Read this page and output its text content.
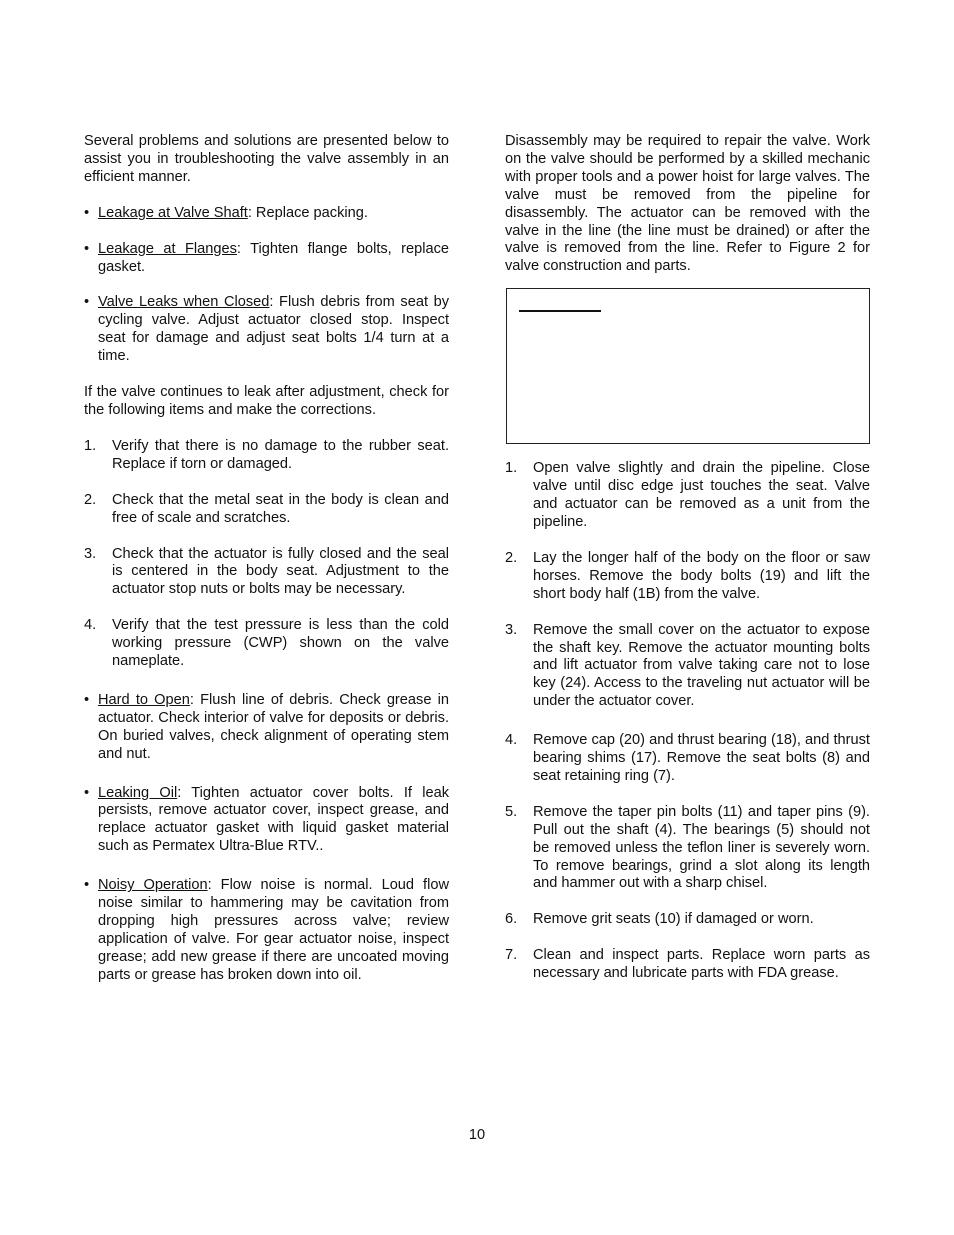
Several problems and solutions are presented below to assist you in troubleshooting the valve assembly in an efficient manner.

• Leakage at Valve Shaft: Replace packing.
• Leakage at Flanges: Tighten flange bolts, replace gasket.
• Valve Leaks when Closed: Flush debris from seat by cycling valve. Adjust actuator closed stop. Inspect seat for damage and adjust seat bolts 1/4 turn at a time.

If the valve continues to leak after adjustment, check for the following items and make the corrections.

1. Verify that there is no damage to the rubber seat. Replace if torn or damaged.
2. Check that the metal seat in the body is clean and free of scale and scratches.
3. Check that the actuator is fully closed and the seal is centered in the body seat. Adjustment to the actuator stop nuts or bolts may be necessary.
4. Verify that the test pressure is less than the cold working pressure (CWP) shown on the valve nameplate.
• Hard to Open: Flush line of debris. Check grease in actuator. Check interior of valve for deposits or debris. On buried valves, check alignment of operating stem and nut.
• Leaking Oil: Tighten actuator cover bolts. If leak persists, remove actuator cover, inspect grease, and replace actuator gasket with liquid gasket material such as Permatex Ultra-Blue RTV..
• Noisy Operation: Flow noise is normal. Loud flow noise similar to hammering may be cavitation from dropping high pressures across valve; review application of valve. For gear actuator noise, inspect grease; add new grease if there are uncoated moving parts or grease has broken down into oil.

Disassembly may be required to repair the valve. Work on the valve should be performed by a skilled mechanic with proper tools and a power hoist for large valves. The valve must be removed from the pipeline for disassembly. The actuator can be removed with the valve in the line (the line must be drained) or after the valve is removed from the line. Refer to Figure 2 for valve construction and parts.

1. Open valve slightly and drain the pipeline. Close valve until disc edge just touches the seat. Valve and actuator can be removed as a unit from the pipeline.
2. Lay the longer half of the body on the floor or saw horses. Remove the body bolts (19) and lift the short body half (1B) from the valve.
3. Remove the small cover on the actuator to expose the shaft key. Remove the actuator mounting bolts and lift actuator from valve taking care not to lose key (24). Access to the traveling nut actuator will be under the actuator cover.
4. Remove cap (20) and thrust bearing (18), and thrust bearing shims (17). Remove the seat bolts (8) and seat retaining ring (7).
5. Remove the taper pin bolts (11) and taper pins (9). Pull out the shaft (4). The bearings (5) should not be removed unless the teflon liner is severely worn. To remove bearings, grind a slot along its length and hammer out with a sharp chisel.
6. Remove grit seats (10) if damaged or worn.
7. Clean and inspect parts. Replace worn parts as necessary and lubricate parts with FDA grease.
10
